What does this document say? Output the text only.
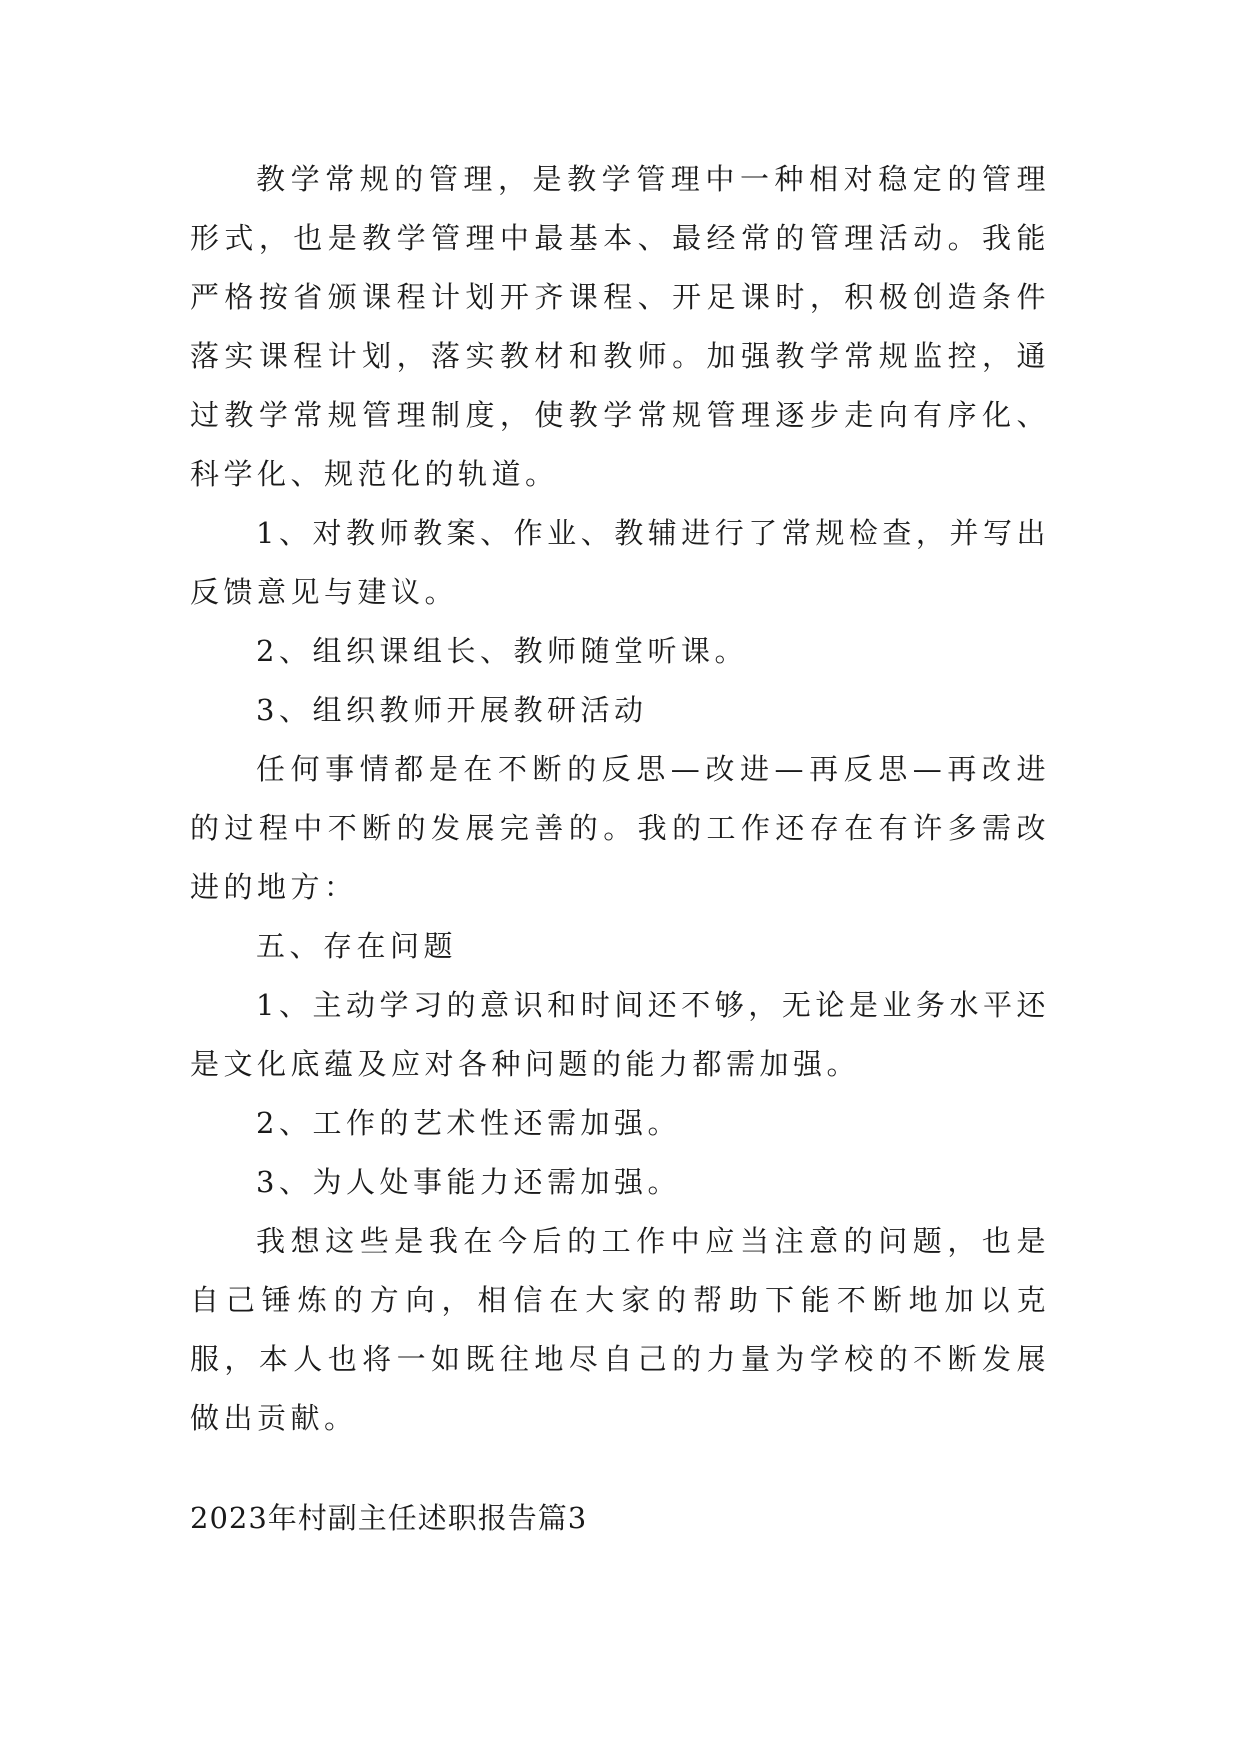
教学常规的管理，是教学管理中一种相对稳定的管理形式，也是教学管理中最基本、最经常的管理活动。我能严格按省颁课程计划开齐课程、开足课时，积极创造条件落实课程计划，落实教材和教师。加强教学常规监控，通过教学常规管理制度，使教学常规管理逐步走向有序化、科学化、规范化的轨道。

1、对教师教案、作业、教辅进行了常规检查，并写出反馈意见与建议。

2、组织课组长、教师随堂听课。

3、组织教师开展教研活动

任何事情都是在不断的反思—改进—再反思—再改进的过程中不断的发展完善的。我的工作还存在有许多需改进的地方：

五、存在问题

1、主动学习的意识和时间还不够，无论是业务水平还是文化底蕴及应对各种问题的能力都需加强。

2、工作的艺术性还需加强。

3、为人处事能力还需加强。

我想这些是我在今后的工作中应当注意的问题，也是自己锤炼的方向，相信在大家的帮助下能不断地加以克服，本人也将一如既往地尽自己的力量为学校的不断发展做出贡献。

2023年村副主任述职报告篇3
